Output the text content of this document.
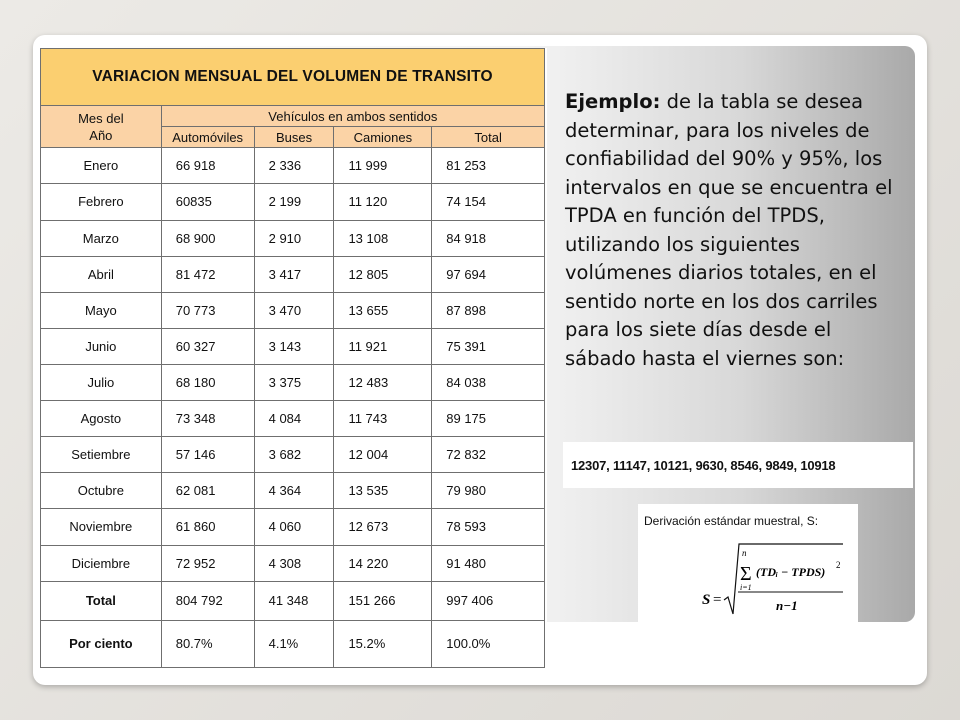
VARIACION MENSUAL DEL VOLUMEN DE TRANSITO				
Mes del
Año	Vehículos en ambos sentidos			
	Automóviles	Buses	Camiones	Total
Enero	66 918	2 336	11 999	81 253
Febrero	60835	2 199	11 120	74 154
Marzo	68 900	2 910	13 108	84 918
Abril	81 472	3 417	12 805	97 694
Mayo	70 773	3 470	13 655	87 898
Junio	60 327	3 143	11 921	75 391
Julio	68 180	3 375	12 483	84 038
Agosto	73 348	4 084	11 743	89 175
Setiembre	57 146	3 682	12 004	72 832
Octubre	62 081	4 364	13 535	79 980
Noviembre	61 860	4 060	12 673	78 593
Diciembre	72 952	4 308	14 220	91 480
Total	804 792	41 348	151 266	997 406
Por ciento	80.7%	4.1%	15.2%	100.0%
Ejemplo: de la tabla se desea determinar, para los niveles de confiabilidad del 90% y 95%, los intervalos en que se encuentra el TPDA en función del TPDS, utilizando los siguientes volúmenes diarios totales, en el sentido norte en los dos carriles para los siete días desde el sábado hasta el viernes son:
12307, 11147, 10121, 9630, 8546, 9849, 10918
Derivación estándar muestral, S:
S =
n
Σ
i=1
(TDᵢ − TPDS) 2
n−1
